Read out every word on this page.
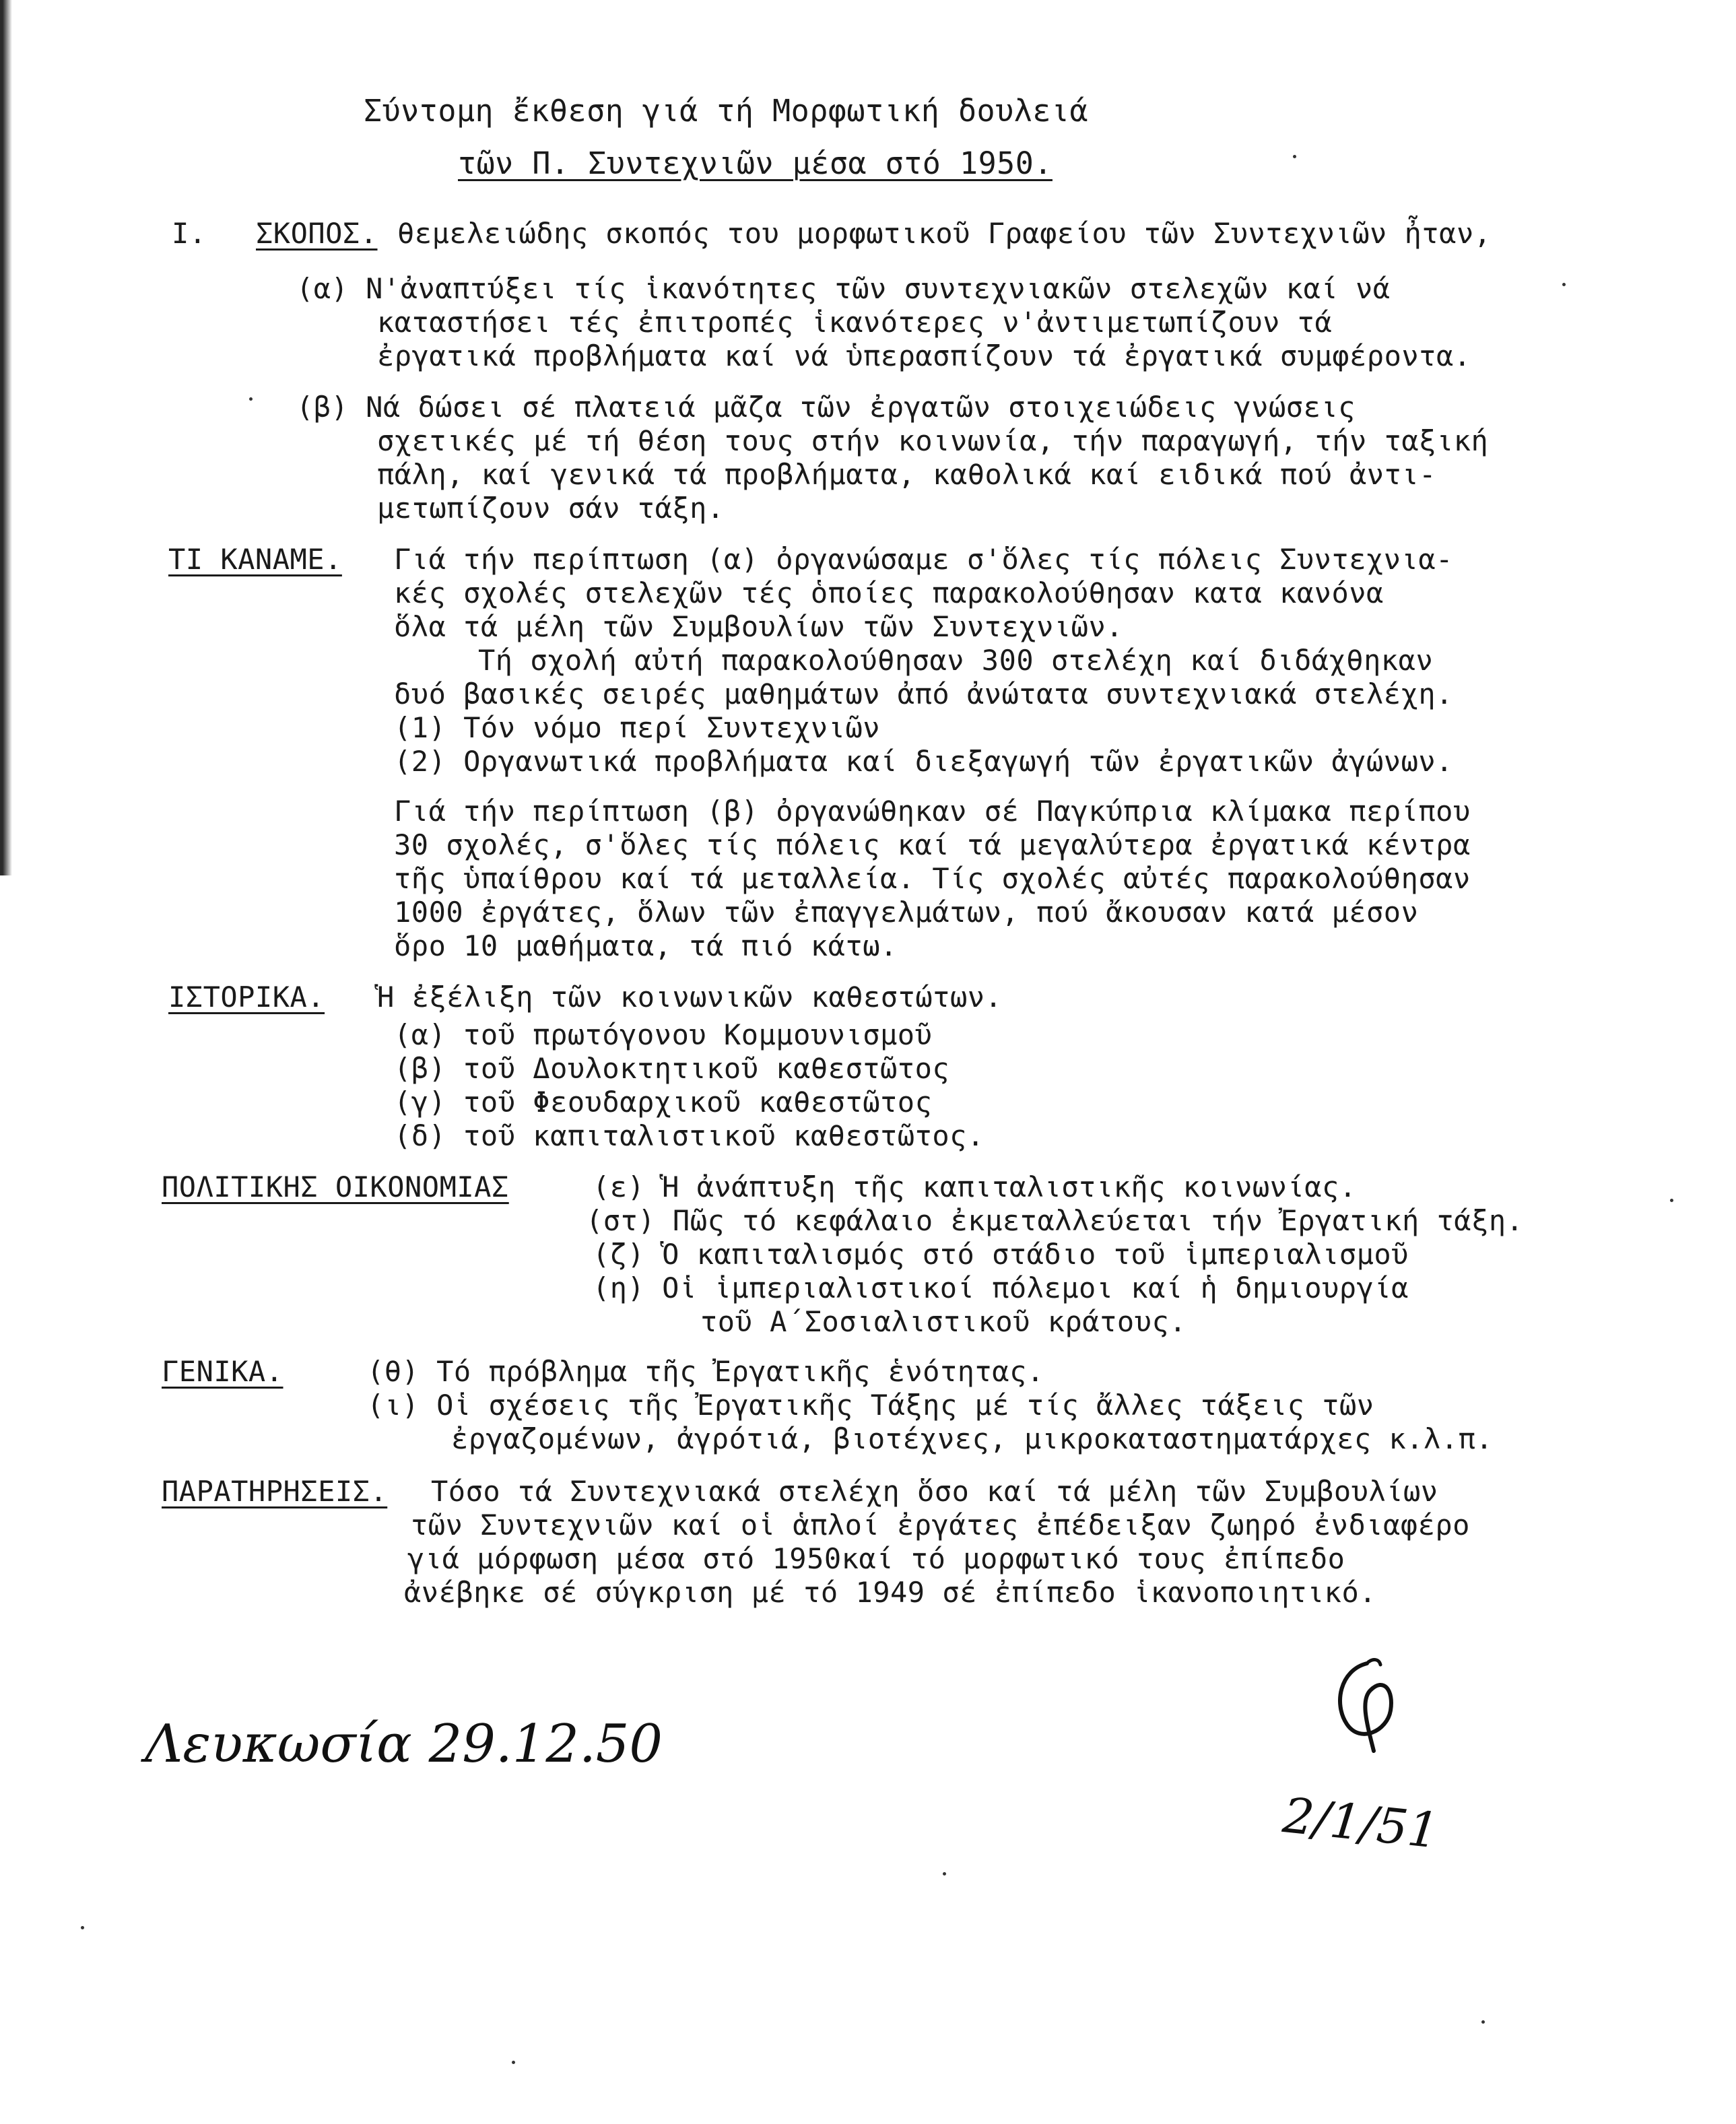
Σύντομη ἔκθεση γιά τή Μορφωτική δουλειά
τῶν Π. Συντεχνιῶν μέσα στό 1950.
I. ΣΚΟΠΟΣ. θεμελειώδης σκοπός του μορφωτικοῦ Γραφείου τῶν Συντεχνιῶν ἦταν,
(α) Ν'ἀναπτύξει τίς ἱκανότητες τῶν συντεχνιακῶν στελεχῶν καί νά
καταστήσει τές ἐπιτροπές ἱκανότερες ν'ἀντιμετωπίζουν τά
ἐργατικά προβλήματα καί νά ὑπερασπίζουν τά ἐργατικά συμφέροντα.
(β) Νά δώσει σέ πλατειά μᾶζα τῶν ἐργατῶν στοιχειώδεις γνώσεις
σχετικές μέ τή θέση τους στήν κοινωνία, τήν παραγωγή, τήν ταξική
πάλη, καί γενικά τά προβλήματα, καθολικά καί ειδικά πού ἀντι-
μετωπίζουν σάν τάξη.
ΤΙ ΚΑΝΑΜΕ. Γιά τήν περίπτωση (α) ὀργανώσαμε σ'ὅλες τίς πόλεις Συντεχνια-
κές σχολές στελεχῶν τές ὁποίες παρακολούθησαν κατα κανόνα
ὅλα τά μέλη τῶν Συμβουλίων τῶν Συντεχνιῶν.
Τή σχολή αὐτή παρακολούθησαν 300 στελέχη καί διδάχθηκαν
δυό βασικές σειρές μαθημάτων ἀπό ἀνώτατα συντεχνιακά στελέχη.
(1) Τόν νόμο περί Συντεχνιῶν
(2) Οργανωτικά προβλήματα καί διεξαγωγή τῶν ἐργατικῶν ἀγώνων.
Γιά τήν περίπτωση (β) ὀργανώθηκαν σέ Παγκύπρια κλίμακα περίπου
30 σχολές, σ'ὅλες τίς πόλεις καί τά μεγαλύτερα ἐργατικά κέντρα
τῆς ὑπαίθρου καί τά μεταλλεία. Τίς σχολές αὐτές παρακολούθησαν
1000 ἐργάτες, ὅλων τῶν ἐπαγγελμάτων, πού ἄκουσαν κατά μέσον
ὅρο 10 μαθήματα, τά πιό κάτω.
ΙΣΤΟΡΙΚΑ. Ἡ ἐξέλιξη τῶν κοινωνικῶν καθεστώτων.
(α) τοῦ πρωτόγονου Κομμουνισμοῦ
(β) τοῦ Δουλοκτητικοῦ καθεστῶτος
(γ) τοῦ Φεουδαρχικοῦ καθεστῶτος
(δ) τοῦ καπιταλιστικοῦ καθεστῶτος.
ΠΟΛΙΤΙΚΗΣ ΟΙΚΟΝΟΜΙΑΣ	(ε) Ἡ ἀνάπτυξη τῆς καπιταλιστικῆς κοινωνίας.
(στ) Πῶς τό κεφάλαιο ἐκμεταλλεύεται τήν Ἐργατική τάξη.
(ζ) Ὁ καπιταλισμός στό στάδιο τοῦ ἱμπεριαλισμοῦ
(η) Οἱ ἱμπεριαλιστικοί πόλεμοι καί ἡ δημιουργία
τοῦ Α΄Σοσιαλιστικοῦ κράτους.
ΓΕΝΙΚΑ.	(θ) Τό πρόβλημα τῆς Ἐργατικῆς ἑνότητας.
(ι) Οἱ σχέσεις τῆς Ἐργατικῆς Τάξης μέ τίς ἄλλες τάξεις τῶν
ἐργαζομένων, ἀγρότιά, βιοτέχνες, μικροκαταστηματάρχες κ.λ.π.
ΠΑΡΑΤΗΡΗΣΕΙΣ. Τόσο τά Συντεχνιακά στελέχη ὅσο καί τά μέλη τῶν Συμβουλίων
τῶν Συντεχνιῶν καί οἱ ἁπλοί ἐργάτες ἐπέδειξαν ζωηρό ἐνδιαφέρο
γιά μόρφωση μέσα στό 1950καί τό μορφωτικό τους ἐπίπεδο
ἀνέβηκε σέ σύγκριση μέ τό 1949 σέ ἐπίπεδο ἱκανοποιητικό.
Λευκωσία 29.12.50
2/1/51
